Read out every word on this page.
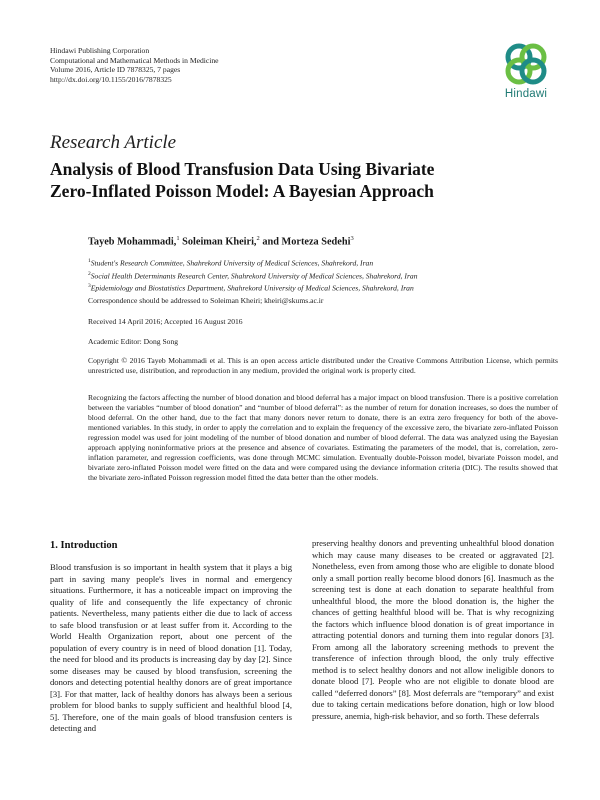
Hindawi Publishing Corporation
Computational and Mathematical Methods in Medicine
Volume 2016, Article ID 7878325, 7 pages
http://dx.doi.org/10.1155/2016/7878325
Hindawi
Research Article
Analysis of Blood Transfusion Data Using Bivariate
Zero-Inflated Poisson Model: A Bayesian Approach
Tayeb Mohammadi,$^1$ Soleiman Kheiri,$^2$ and Morteza Sedehi$^3$
$^1$Student's Research Committee, Shahrekord University of Medical Sciences, Shahrekord, Iran
$^2$Social Health Determinants Research Center, Shahrekord University of Medical Sciences, Shahrekord, Iran
$^3$Epidemiology and Biostatistics Department, Shahrekord University of Medical Sciences, Shahrekord, Iran
Correspondence should be addressed to Soleiman Kheiri; kheiri@skums.ac.ir
Received 14 April 2016; Accepted 16 August 2016
Academic Editor: Dong Song
Copyright © 2016 Tayeb Mohammadi et al. This is an open access article distributed under the Creative Commons Attribution License, which permits unrestricted use, distribution, and reproduction in any medium, provided the original work is properly cited.
Recognizing the factors affecting the number of blood donation and blood deferral has a major impact on blood transfusion. There is a positive correlation between the variables “number of blood donation” and “number of blood deferral”: as the number of return for donation increases, so does the number of blood deferral. On the other hand, due to the fact that many donors never return to donate, there is an extra zero frequency for both of the above-mentioned variables. In this study, in order to apply the correlation and to explain the frequency of the excessive zero, the bivariate zero-inflated Poisson regression model was used for joint modeling of the number of blood donation and number of blood deferral. The data was analyzed using the Bayesian approach applying noninformative priors at the presence and absence of covariates. Estimating the parameters of the model, that is, correlation, zero-inflation parameter, and regression coefficients, was done through MCMC simulation. Eventually double-Poisson model, bivariate Poisson model, and bivariate zero-inflated Poisson model were fitted on the data and were compared using the deviance information criteria (DIC). The results showed that the bivariate zero-inflated Poisson regression model fitted the data better than the other models.
1. Introduction
Blood transfusion is so important in health system that it plays a big part in saving many people's lives in normal and emergency situations. Furthermore, it has a noticeable impact on improving the quality of life and consequently the life expectancy of chronic patients. Nevertheless, many patients either die due to lack of access to safe blood transfusion or at least suffer from it. According to the World Health Organization report, about one percent of the population of every country is in need of blood donation [1]. Today, the need for blood and its products is increasing day by day [2]. Since some diseases may be caused by blood transfusion, screening the donors and detecting potential healthy donors are of great importance [3]. For that matter, lack of healthy donors has always been a serious problem for blood banks to supply sufficient and healthful blood [4, 5]. Therefore, one of the main goals of blood transfusion centers is detecting and
preserving healthy donors and preventing unhealthful blood donation which may cause many diseases to be created or aggravated [2]. Nonetheless, even from among those who are eligible to donate blood only a small portion really become blood donors [6]. Inasmuch as the screening test is done at each donation to separate healthful from unhealthful blood, the more the blood donation is, the higher the chances of getting healthful blood will be. That is why recognizing the factors which influence blood donation is of great importance in attracting potential donors and turning them into regular donors [3]. From among all the laboratory screening methods to prevent the transference of infection through blood, the only truly effective method is to select healthy donors and not allow ineligible donors to donate blood [7]. People who are not eligible to donate blood are called “deferred donors” [8]. Most deferrals are “temporary” and exist due to taking certain medications before donation, high or low blood pressure, anemia, high-risk behavior, and so forth. These deferrals
